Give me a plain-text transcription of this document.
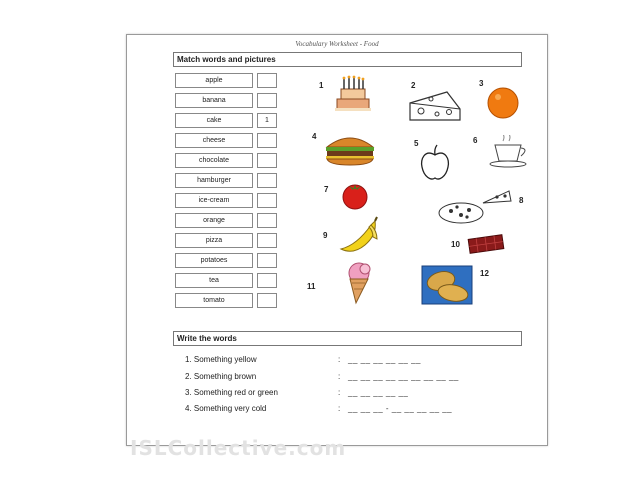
Vocabulary Worksheet - Food
Match words and pictures
apple
banana
cake	1
cheese
chocolate
hamburger
ice-cream
orange
pizza
potatoes
tea
tomato
1	2	3
4
5	6
7
8
9
10
11
12
Write the words
1. Something yellow	: __ __ __ __ __ __
2. Something brown	: __ __ __ __ __ __ __ __ __
3. Something red or green	: __ __ __ __ __
4. Something very cold	: __ __ __ - __ __ __ __ __
ISLCollective.com
